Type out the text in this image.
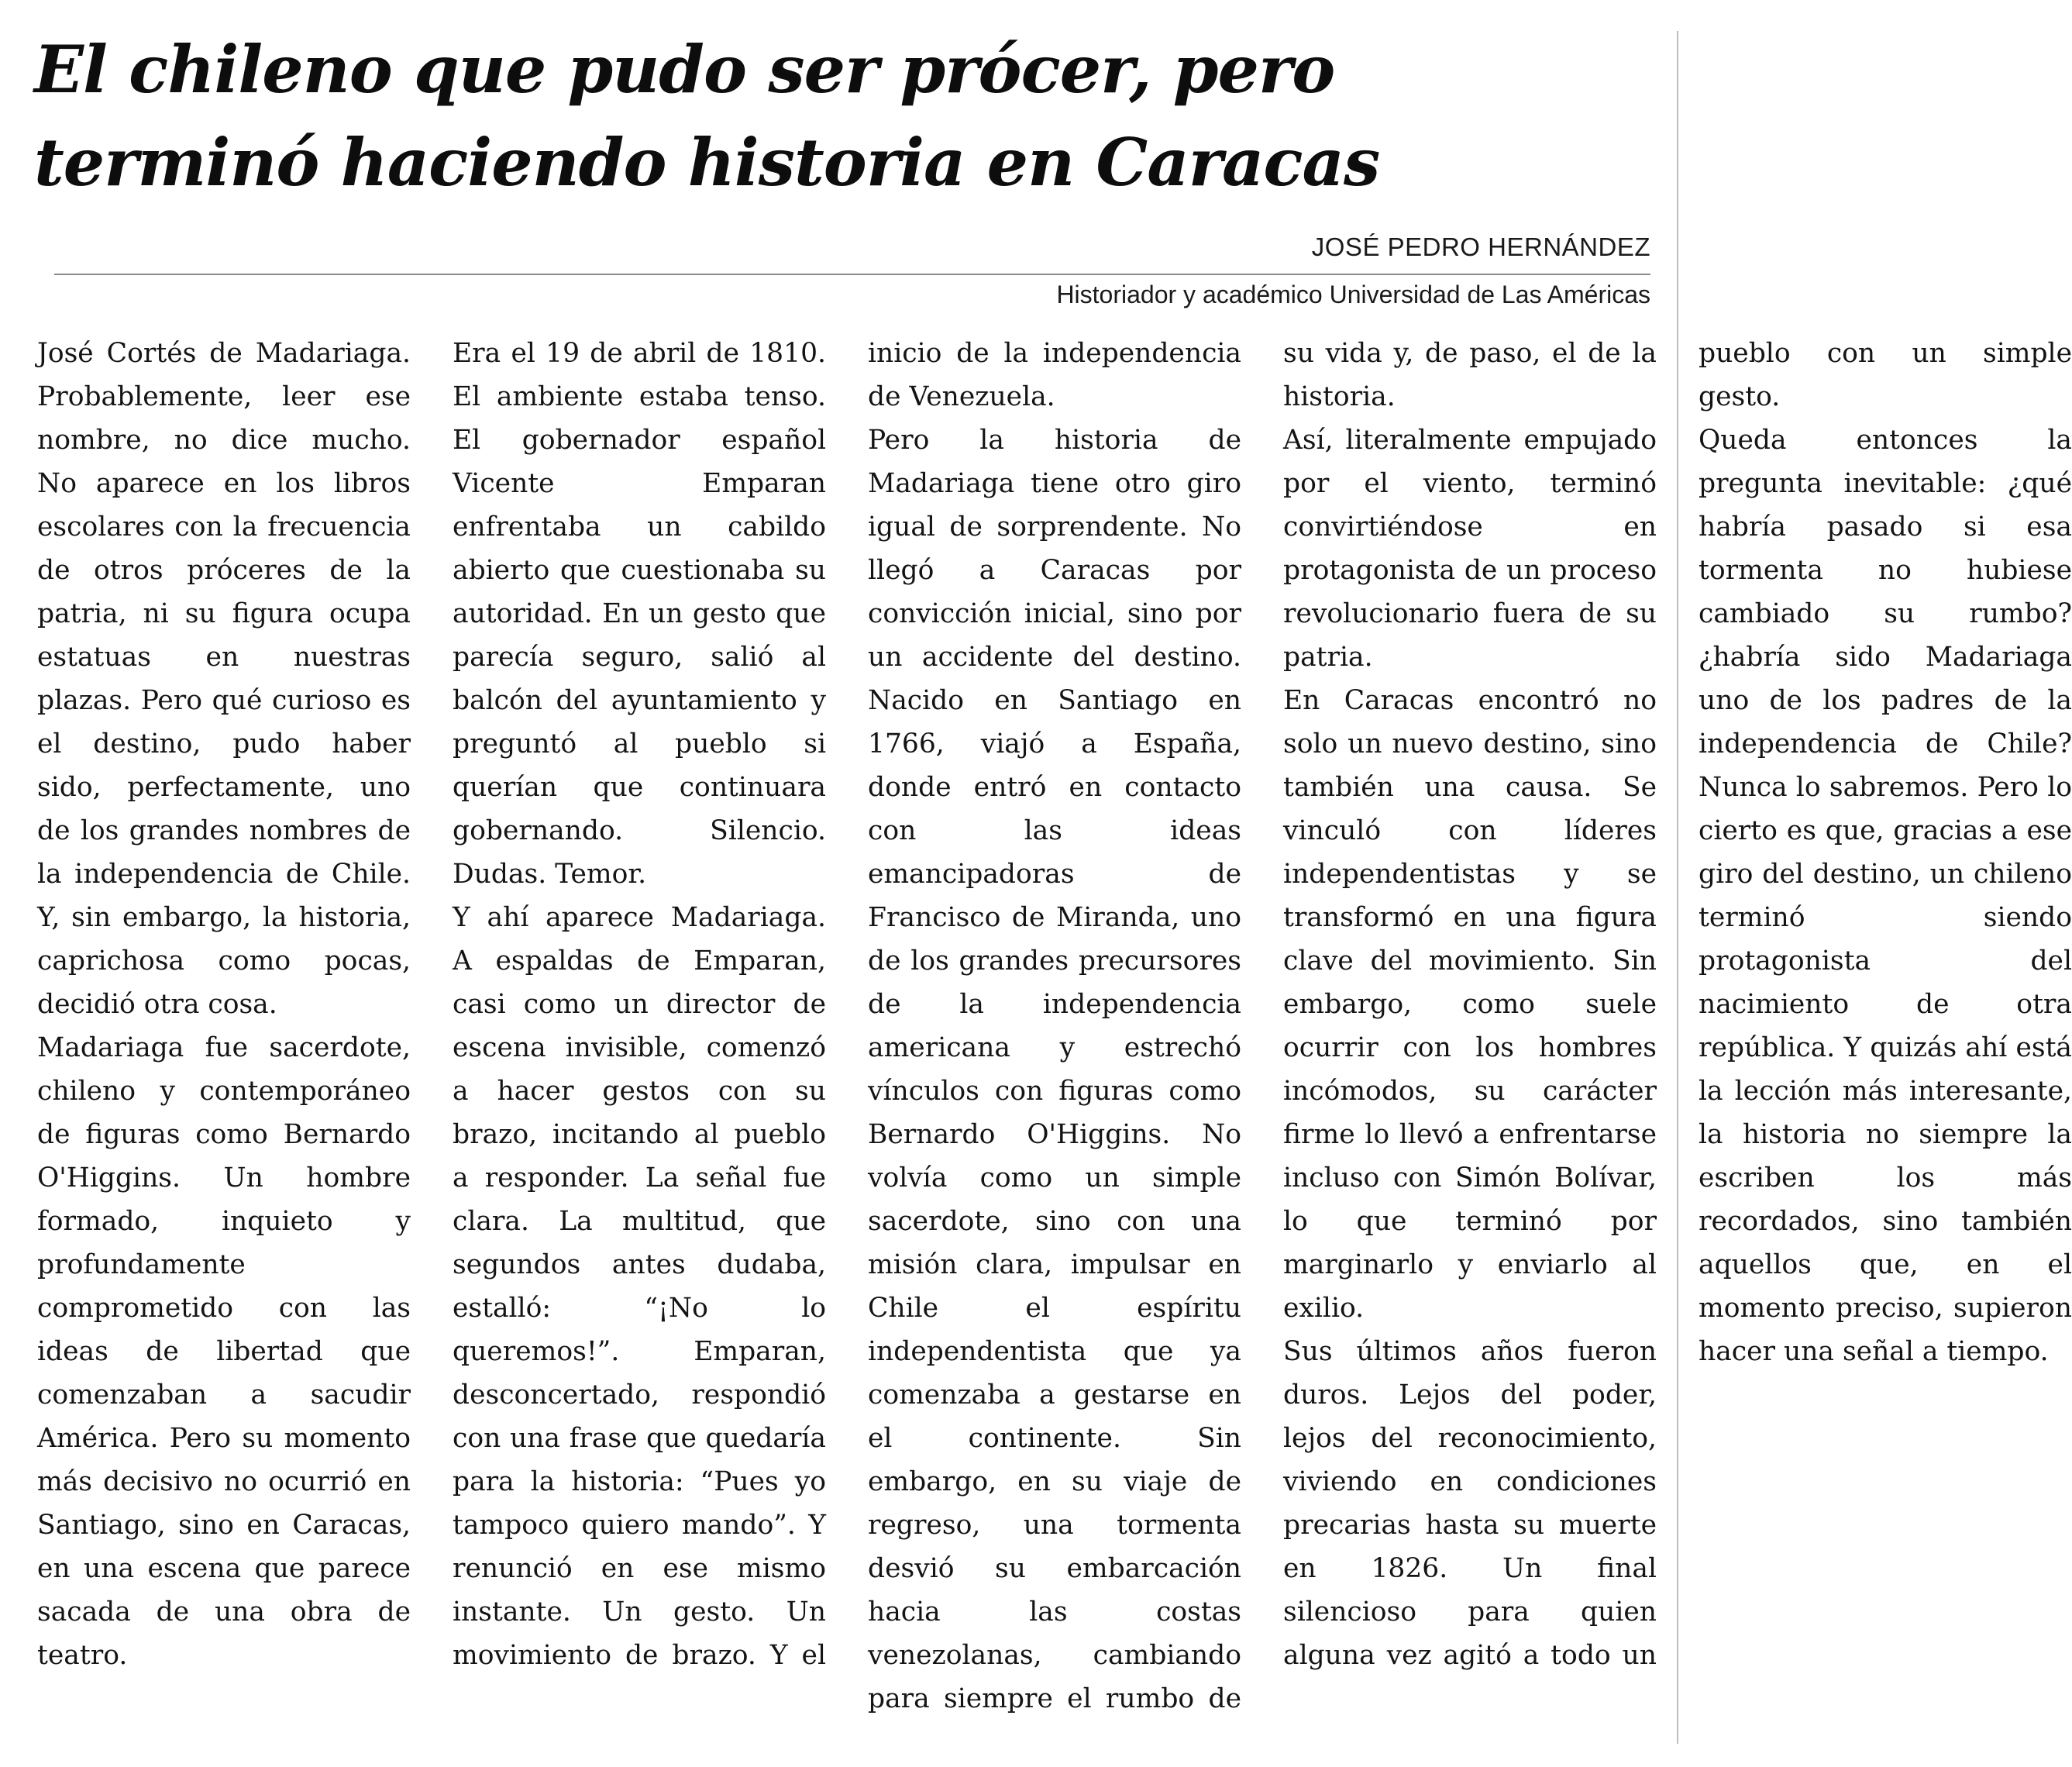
El chileno que pudo ser prócer, pero terminó haciendo historia en Caracas
JOSÉ PEDRO HERNÁNDEZ
Historiador y académico Universidad de Las Américas

José Cortés de Madariaga. Probablemente, leer ese nombre, no dice mucho. No aparece en los libros escolares con la frecuencia de otros próceres de la patria, ni su figura ocupa estatuas en nuestras plazas. Pero qué curioso es el destino, pudo haber sido, perfectamente, uno de los grandes nombres de la independencia de Chile. Y, sin embargo, la historia, caprichosa como pocas, decidió otra cosa.

Madariaga fue sacerdote, chileno y contemporáneo de figuras como Bernardo O'Higgins. Un hombre formado, inquieto y profundamente comprometido con las ideas de libertad que comenzaban a sacudir América. Pero su momento más decisivo no ocurrió en Santiago, sino en Caracas, en una escena que parece sacada de una obra de teatro.

Era el 19 de abril de 1810. El ambiente estaba tenso. El gobernador español Vicente Emparan enfrentaba un cabildo abierto que cuestionaba su autoridad. En un gesto que parecía seguro, salió al balcón del ayuntamiento y preguntó al pueblo si querían que continuara gobernando. Silencio. Dudas. Temor.

Y ahí aparece Madariaga. A espaldas de Emparan, casi como un director de escena invisible, comenzó a hacer gestos con su brazo, incitando al pueblo a responder. La señal fue clara. La multitud, que segundos antes dudaba, estalló: “¡No lo queremos!”. Emparan, desconcertado, respondió con una frase que quedaría para la historia: “Pues yo tampoco quiero mando”. Y renunció en ese mismo instante. Un gesto. Un movimiento de brazo. Y el inicio de la independencia de Venezuela.

Pero la historia de Madariaga tiene otro giro igual de sorprendente. No llegó a Caracas por convicción inicial, sino por un accidente del destino. Nacido en Santiago en 1766, viajó a España, donde entró en contacto con las ideas emancipadoras de Francisco de Miranda, uno de los grandes precursores de la independencia americana y estrechó vínculos con figuras como Bernardo O'Higgins. No volvía como un simple sacerdote, sino con una misión clara, impulsar en Chile el espíritu independentista que ya comenzaba a gestarse en el continente. Sin embargo, en su viaje de regreso, una tormenta desvió su embarcación hacia las costas venezolanas, cambiando para siempre el rumbo de su vida y, de paso, el de la historia.

Así, literalmente empujado por el viento, terminó convirtiéndose en protagonista de un proceso revolucionario fuera de su patria.

En Caracas encontró no solo un nuevo destino, sino también una causa. Se vinculó con líderes independentistas y se transformó en una figura clave del movimiento. Sin embargo, como suele ocurrir con los hombres incómodos, su carácter firme lo llevó a enfrentarse incluso con Simón Bolívar, lo que terminó por marginarlo y enviarlo al exilio.

Sus últimos años fueron duros. Lejos del poder, lejos del reconocimiento, viviendo en condiciones precarias hasta su muerte en 1826. Un final silencioso para quien alguna vez agitó a todo un pueblo con un simple gesto.

Queda entonces la pregunta inevitable: ¿qué habría pasado si esa tormenta no hubiese cambiado su rumbo? ¿habría sido Madariaga uno de los padres de la independencia de Chile? Nunca lo sabremos. Pero lo cierto es que, gracias a ese giro del destino, un chileno terminó siendo protagonista del nacimiento de otra república. Y quizás ahí está la lección más interesante, la historia no siempre la escriben los más recordados, sino también aquellos que, en el momento preciso, supieron hacer una señal a tiempo.
